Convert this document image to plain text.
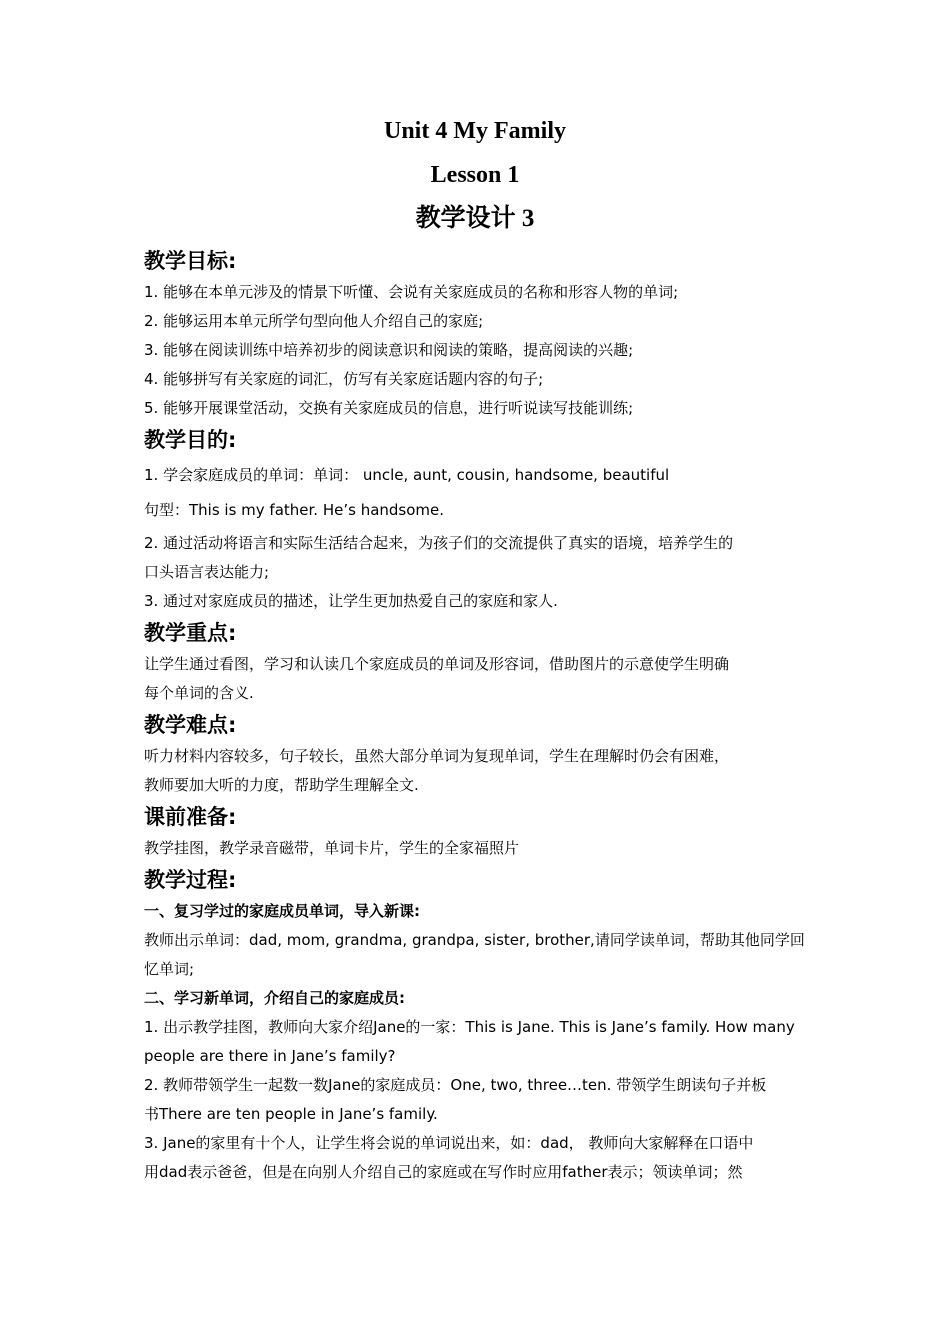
Unit 4 My Family
Lesson 1
教学设计 3

教学目标:

1. 能够在本单元涉及的情景下听懂、会说有关家庭成员的名称和形容人物的单词;

2. 能够运用本单元所学句型向他人介绍自己的家庭;

3. 能够在阅读训练中培养初步的阅读意识和阅读的策略，提高阅读的兴趣;

4. 能够拼写有关家庭的词汇，仿写有关家庭话题内容的句子;

5. 能够开展课堂活动，交换有关家庭成员的信息，进行听说读写技能训练;

教学目的:

1. 学会家庭成员的单词：单词： uncle, aunt, cousin, handsome, beautiful

句型：This is my father. He’s handsome.

2. 通过活动将语言和实际生活结合起来，为孩子们的交流提供了真实的语境，培养学生的

口头语言表达能力;

3. 通过对家庭成员的描述，让学生更加热爱自己的家庭和家人.

教学重点:

让学生通过看图，学习和认读几个家庭成员的单词及形容词，借助图片的示意使学生明确

每个单词的含义.

教学难点:

听力材料内容较多，句子较长，虽然大部分单词为复现单词，学生在理解时仍会有困难，

教师要加大听的力度，帮助学生理解全文.

课前准备:

教学挂图，教学录音磁带，单词卡片，学生的全家福照片

教学过程:

一、复习学过的家庭成员单词，导入新课:

教师出示单词：dad, mom, grandma, grandpa, sister, brother,请同学读单词，帮助其他同学回

忆单词;

二、学习新单词，介绍自己的家庭成员:

1. 出示教学挂图，教师向大家介绍Jane的一家：This is Jane. This is Jane’s family. How many

people are there in Jane’s family?

2. 教师带领学生一起数一数Jane的家庭成员：One, two, three…ten. 带领学生朗读句子并板

书There are ten people in Jane’s family.

3. Jane的家里有十个人，让学生将会说的单词说出来，如：dad， 教师向大家解释在口语中

用dad表示爸爸，但是在向别人介绍自己的家庭或在写作时应用father表示；领读单词；然
